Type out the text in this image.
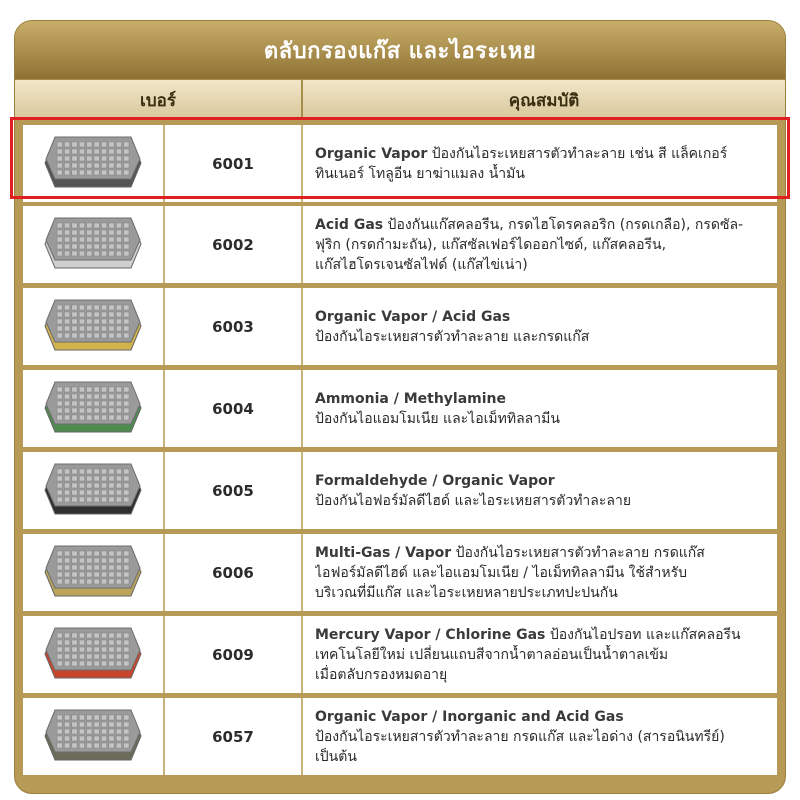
ตลับกรองแก๊ส และไอระเหย
เบอร์	คุณสมบัติ
6001
Organic Vapor ป้องกันไอระเหยสารตัวทำละลาย เช่น สี แล็คเกอร์
ทินเนอร์ โทลูอีน ยาฆ่าแมลง น้ำมัน
6002
Acid Gas ป้องกันแก๊สคลอรีน, กรดไฮโดรคลอริก (กรดเกลือ), กรดซัล-
ฟุริก (กรดกำมะถัน), แก๊สซัลเฟอร์ไดออกไซด์, แก๊สคลอรีน,
แก๊สไฮโดรเจนซัลไฟด์ (แก๊สไข่เน่า)
6003
Organic Vapor / Acid Gas
ป้องกันไอระเหยสารตัวทำละลาย และกรดแก๊ส
6004
Ammonia / Methylamine
ป้องกันไอแอมโมเนีย และไอเม็ททิลลามีน
6005
Formaldehyde / Organic Vapor
ป้องกันไอฟอร์มัลดีไฮด์ และไอระเหยสารตัวทำละลาย
6006
Multi-Gas / Vapor ป้องกันไอระเหยสารตัวทำละลาย กรดแก๊ส
ไอฟอร์มัลดีไฮด์ และไอแอมโมเนีย / ไอเม็ททิลลามีน ใช้สำหรับ
บริเวณที่มีแก๊ส และไอระเหยหลายประเภทปะปนกัน
6009
Mercury Vapor / Chlorine Gas ป้องกันไอปรอท และแก๊สคลอรีน
เทคโนโลยีใหม่ เปลี่ยนแถบสีจากน้ำตาลอ่อนเป็นน้ำตาลเข้ม
เมื่อตลับกรองหมดอายุ
6057
Organic Vapor / Inorganic and Acid Gas
ป้องกันไอระเหยสารตัวทำละลาย กรดแก๊ส และไอด่าง (สารอนินทรีย์)
เป็นต้น
